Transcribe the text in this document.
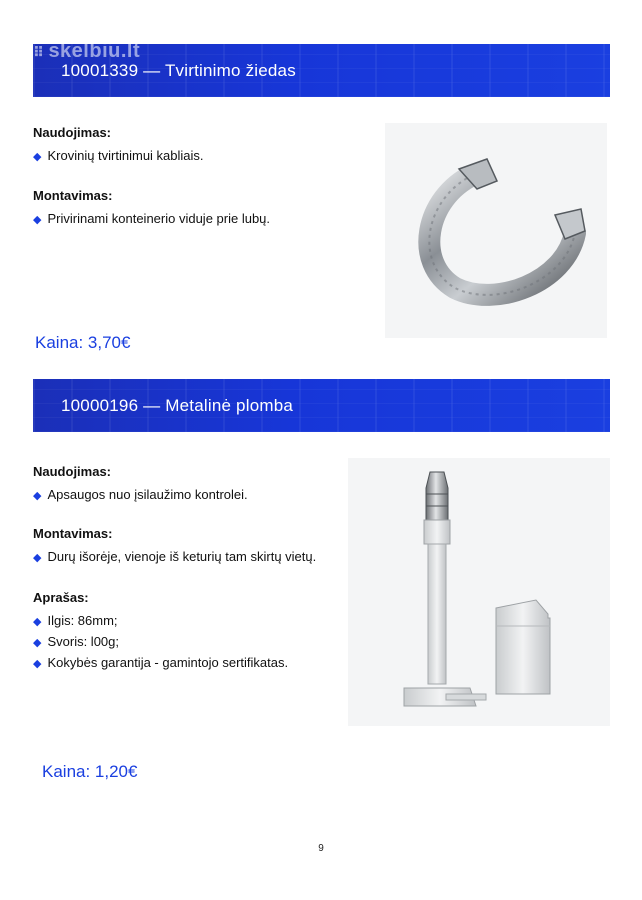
⠿ skelbiu.lt
10001339 — Tvirtinimo žiedas
Naudojimas:
◆ Krovinių tvirtinimui kabliais.
Montavimas:
◆ Privirinami konteinerio viduje prie lubų.
Kaina: 3,70€
10000196 — Metalinė plomba
Naudojimas:
◆ Apsaugos nuo įsilaužimo kontrolei.
Montavimas:
◆ Durų išorėje, vienoje iš keturių tam skirtų vietų.
Aprašas:
◆ Ilgis: 86mm;
◆ Svoris: l00g;
◆ Kokybės garantija - gamintojo sertifikatas.
Kaina: 1,20€
9
